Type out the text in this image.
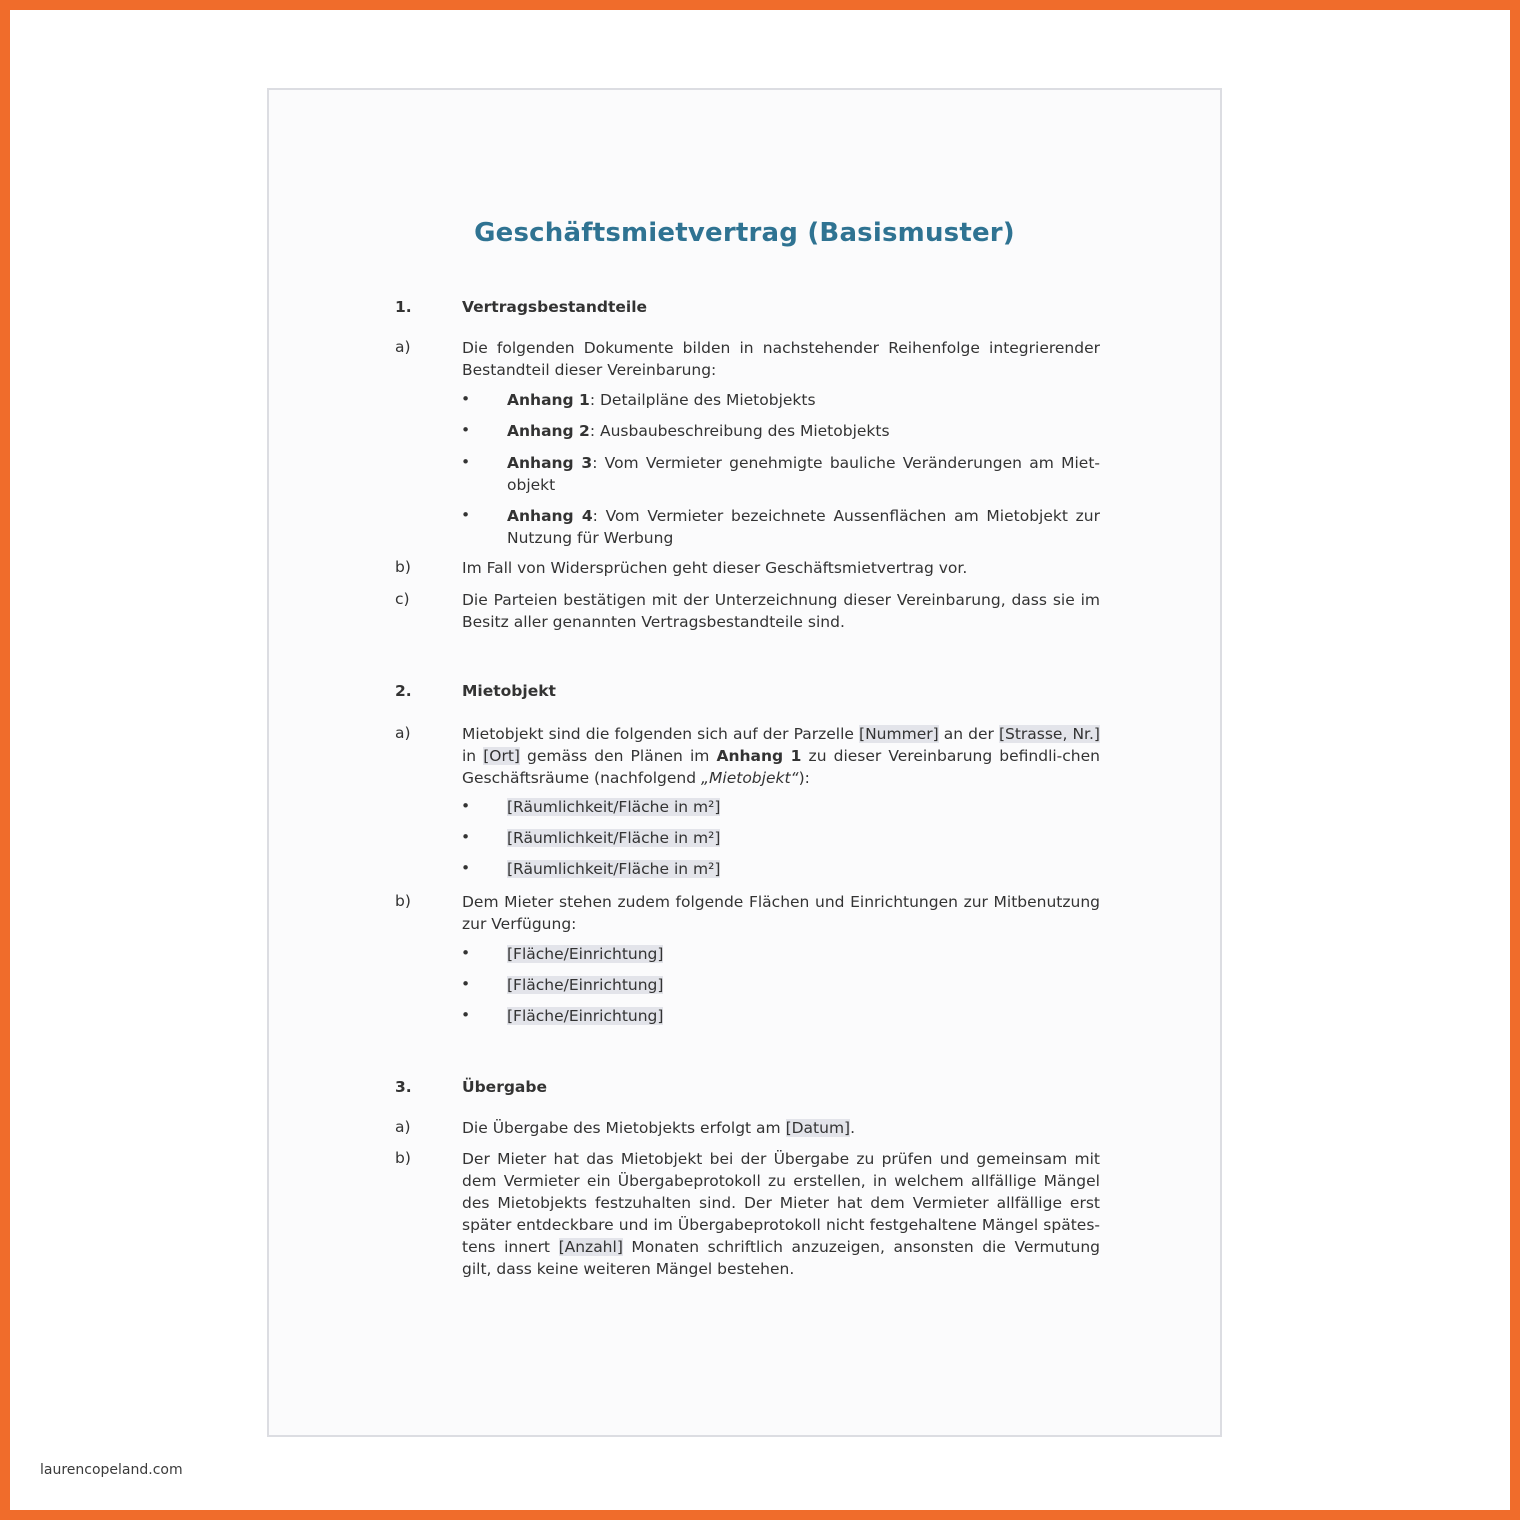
Geschäftsmietvertrag (Basismuster)
1.	Vertragsbestandteile
a)	Die folgenden Dokumente bilden in nachstehender Reihenfolge integrierender Bestandteil dieser Vereinbarung:
• Anhang 1: Detailpläne des Mietobjekts
• Anhang 2: Ausbaubeschreibung des Mietobjekts
• Anhang 3: Vom Vermieter genehmigte bauliche Veränderungen am Miet-objekt
• Anhang 4: Vom Vermieter bezeichnete Aussenflächen am Mietobjekt zur Nutzung für Werbung
b)	Im Fall von Widersprüchen geht dieser Geschäftsmietvertrag vor.
c)	Die Parteien bestätigen mit der Unterzeichnung dieser Vereinbarung, dass sie im Besitz aller genannten Vertragsbestandteile sind.
2.	Mietobjekt
a)	Mietobjekt sind die folgenden sich auf der Parzelle [Nummer] an der [Strasse, Nr.] in [Ort] gemäss den Plänen im Anhang 1 zu dieser Vereinbarung befindli-chen Geschäftsräume (nachfolgend „Mietobjekt“):
• [Räumlichkeit/Fläche in m²]
• [Räumlichkeit/Fläche in m²]
• [Räumlichkeit/Fläche in m²]
b)	Dem Mieter stehen zudem folgende Flächen und Einrichtungen zur Mitbenutzung zur Verfügung:
• [Fläche/Einrichtung]
• [Fläche/Einrichtung]
• [Fläche/Einrichtung]
3.	Übergabe
a)	Die Übergabe des Mietobjekts erfolgt am [Datum].
b)	Der Mieter hat das Mietobjekt bei der Übergabe zu prüfen und gemeinsam mit dem Vermieter ein Übergabeprotokoll zu erstellen, in welchem allfällige Mängel des Mietobjekts festzuhalten sind. Der Mieter hat dem Vermieter allfällige erst später entdeckbare und im Übergabeprotokoll nicht festgehaltene Mängel spätes-tens innert [Anzahl] Monaten schriftlich anzuzeigen, ansonsten die Vermutung gilt, dass keine weiteren Mängel bestehen.
laurencopeland.com
